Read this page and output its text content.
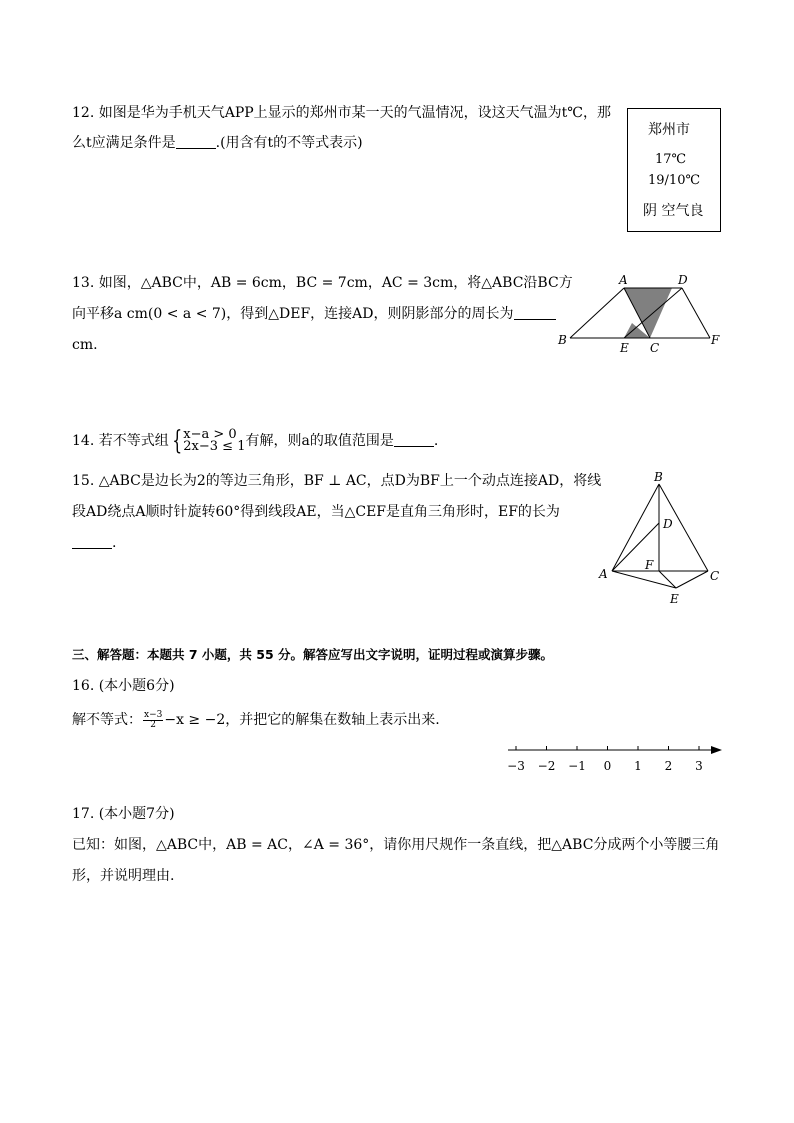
12. 如图是华为手机天气APP上显示的郑州市某一天的气温情况，设这天气温为t℃，那
么t应满足条件是	.(用含有t的不等式表示)
郑州市
17℃
19/10℃
阴 空气良
13. 如图，△ABC中，AB = 6cm，BC = 7cm，AC = 3cm，将△ABC沿BC方
向平移a cm(0 < a < 7)，得到△DEF，连接AD，则阴影部分的周长为
cm.
A	D
B
E C
F
14. 若不等式组 { x−a > 0
2x−3 ≤ 1 有解，则a的取值范围是	.
15. △ABC是边长为2的等边三角形，BF ⊥ AC，点D为BF上一个动点连接AD，将线
段AD绕点A顺时针旋转60°得到线段AE，当△CEF是直角三角形时，EF的长为
.
B
D
A
F
C
E
三、解答题：本题共 7 小题，共 55 分。解答应写出文字说明，证明过程或演算步骤。
16. (本小题6分)
解不等式： $\frac{x-3}{2} -x \ge -2$，并把它的解集在数轴上表示出来.
−3 −2 −1 0 1 2 3
17. (本小题7分)
已知：如图，△ABC中，AB = AC，∠A = 36°，请你用尺规作一条直线，把△ABC分成两个小等腰三角
形，并说明理由.
